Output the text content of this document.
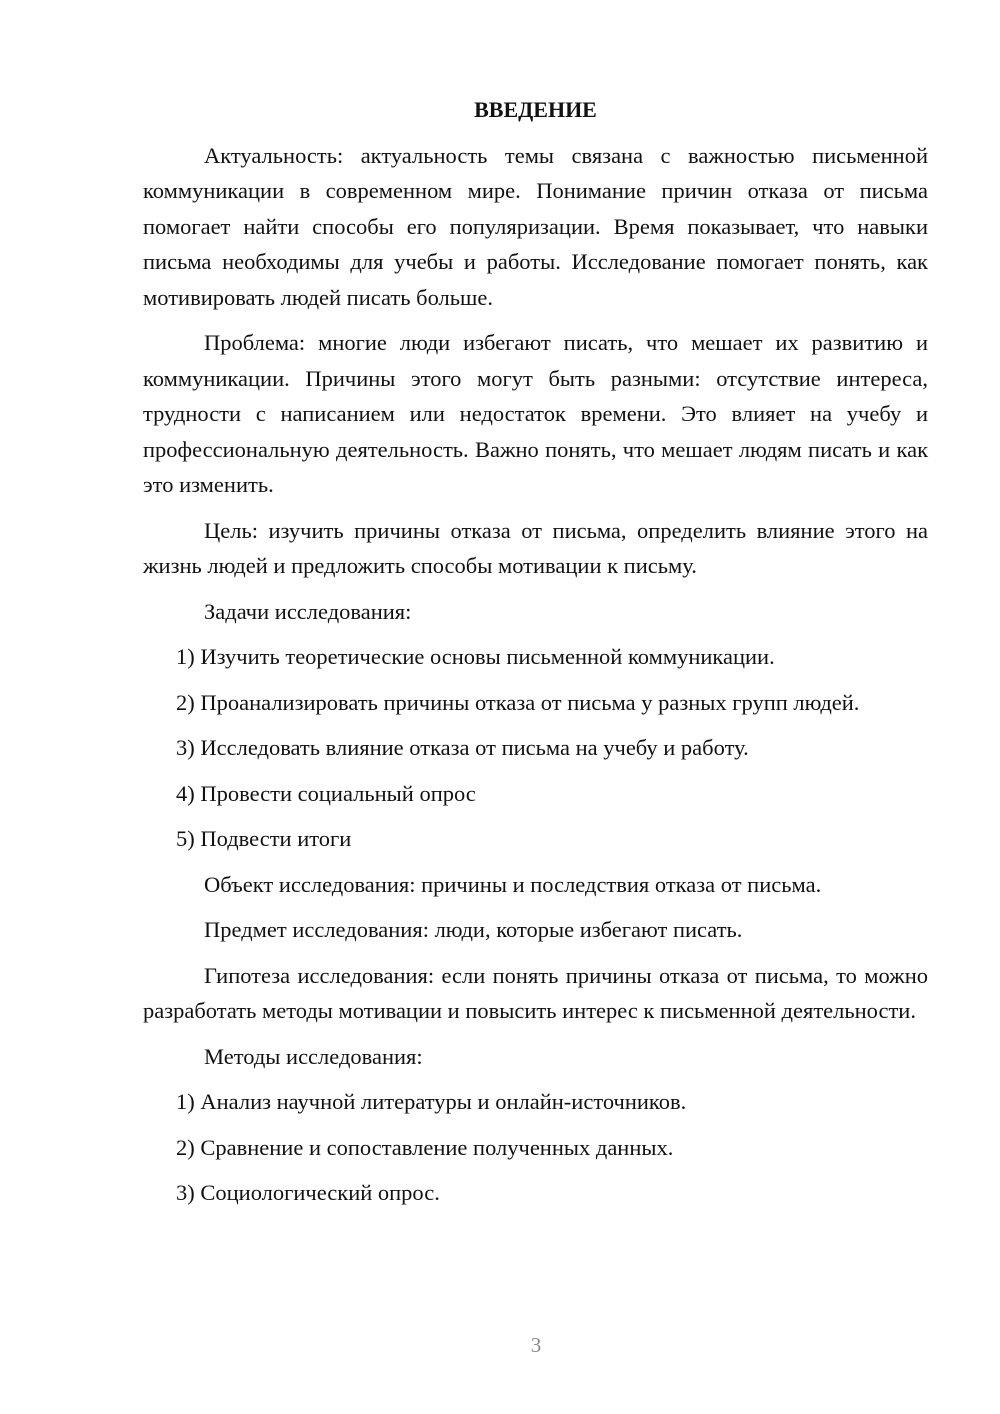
ВВЕДЕНИЕ

Актуальность: актуальность темы связана с важностью письменной коммуникации в современном мире. Понимание причин отказа от письма помогает найти способы его популяризации. Время показывает, что навыки письма необходимы для учебы и работы. Исследование помогает понять, как мотивировать людей писать больше.

Проблема: многие люди избегают писать, что мешает их развитию и коммуникации. Причины этого могут быть разными: отсутствие интереса, трудности с написанием или недостаток времени. Это влияет на учебу и профессиональную деятельность. Важно понять, что мешает людям писать и как это изменить.

Цель: изучить причины отказа от письма, определить влияние этого на жизнь людей и предложить способы мотивации к письму.

Задачи исследования:

1) Изучить теоретические основы письменной коммуникации.

2) Проанализировать причины отказа от письма у разных групп людей.

3) Исследовать влияние отказа от письма на учебу и работу.

4) Провести социальный опрос

5) Подвести итоги

Объект исследования: причины и последствия отказа от письма.

Предмет исследования: люди, которые избегают писать.

Гипотеза исследования: если понять причины отказа от письма, то можно разработать методы мотивации и повысить интерес к письменной деятельности.

Методы исследования:

1) Анализ научной литературы и онлайн-источников.

2) Сравнение и сопоставление полученных данных.

3) Социологический опрос.

3
